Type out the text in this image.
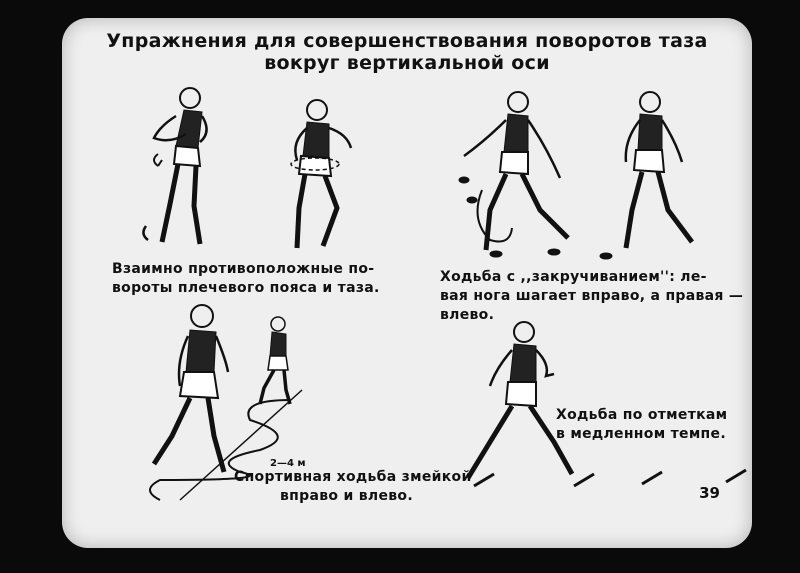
Упражнения для совершенствования поворотов таза
вокруг вертикальной оси
Взаимно противоположные по-
вороты плечевого пояса и таза.
Ходьба с ,,закручиванием'': ле-
вая нога шагает вправо, а правая —
влево.
2—4 м
Спортивная ходьба змейкой
вправо и влево.
Ходьба по отметкам
в медленном темпе.
39
